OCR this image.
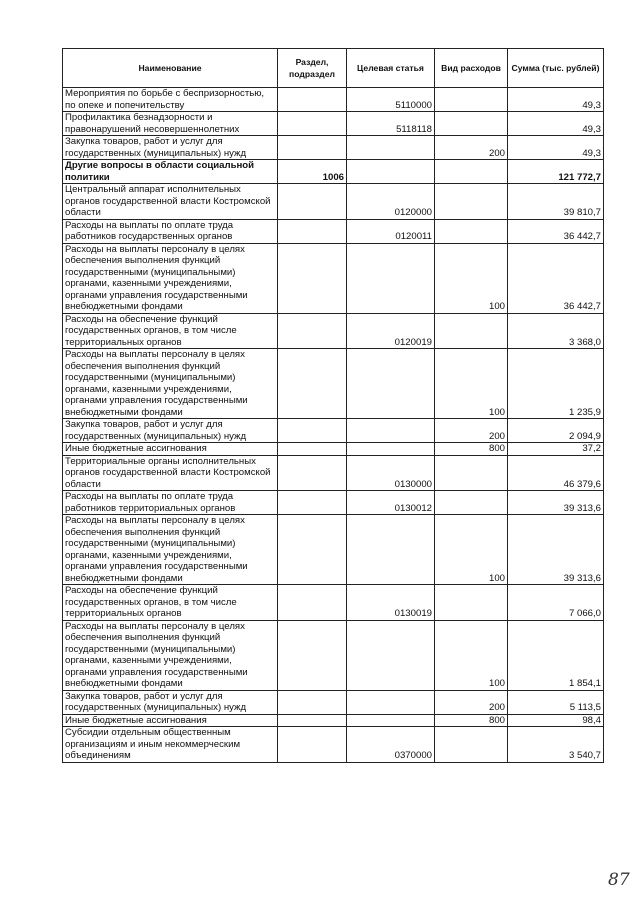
Наименование	Раздел, подраздел	Целевая статья	Вид расходов	Сумма (тыс. рублей)
Мероприятия по борьбе с беспризорностью, по опеке и попечительству		5110000		49,3
Профилактика безнадзорности и правонарушений несовершеннолетних		5118118		49,3
Закупка товаров, работ и услуг для государственных (муниципальных) нужд			200	49,3
Другие вопросы в области социальной политики	1006			121 772,7
Центральный аппарат исполнительных органов государственной власти Костромской области		0120000		39 810,7
Расходы на выплаты по оплате труда работников государственных органов		0120011		36 442,7
Расходы на выплаты персоналу в целях обеспечения выполнения функций государственными (муниципальными) органами, казенными учреждениями, органами управления государственными внебюджетными фондами			100	36 442,7
Расходы на обеспечение функций государственных органов, в том числе территориальных органов		0120019		3 368,0
Расходы на выплаты персоналу в целях обеспечения выполнения функций государственными (муниципальными) органами, казенными учреждениями, органами управления государственными внебюджетными фондами			100	1 235,9
Закупка товаров, работ и услуг для государственных (муниципальных) нужд			200	2 094,9
Иные бюджетные ассигнования			800	37,2
Территориальные органы исполнительных органов государственной власти Костромской области		0130000		46 379,6
Расходы на выплаты по оплате труда работников территориальных органов		0130012		39 313,6
Расходы на выплаты персоналу в целях обеспечения выполнения функций государственными (муниципальными) органами, казенными учреждениями, органами управления государственными внебюджетными фондами			100	39 313,6
Расходы на обеспечение функций государственных органов, в том числе территориальных органов		0130019		7 066,0
Расходы на выплаты персоналу в целях обеспечения выполнения функций государственными (муниципальными) органами, казенными учреждениями, органами управления государственными внебюджетными фондами			100	1 854,1
Закупка товаров, работ и услуг для государственных (муниципальных) нужд			200	5 113,5
Иные бюджетные ассигнования			800	98,4
Субсидии отдельным общественным организациям и иным некоммерческим объединениям		0370000		3 540,7
87
